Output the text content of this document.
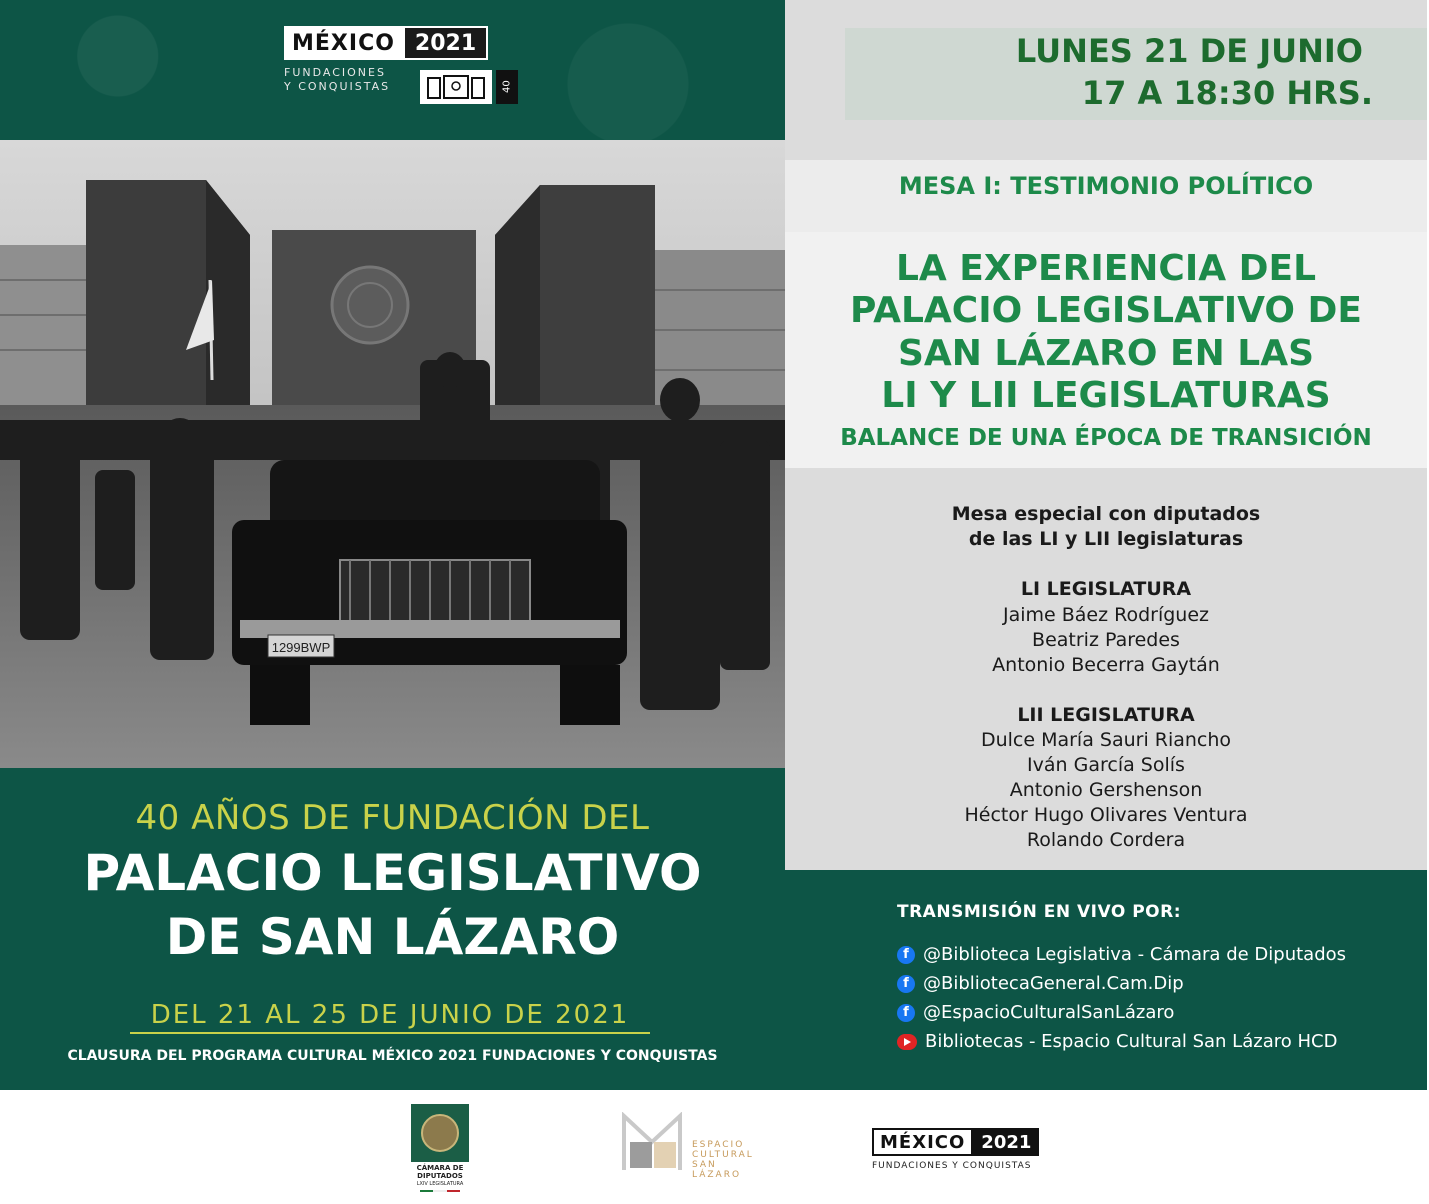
MÉXICO 2021
FUNDACIONES
Y CONQUISTAS	40
1299BWP
40 AÑOS DE FUNDACIÓN DEL
PALACIO LEGISLATIVO
DE SAN LÁZARO
DEL 21 AL 25 DE JUNIO DE 2021
CLAUSURA DEL PROGRAMA CULTURAL MÉXICO 2021 FUNDACIONES Y CONQUISTAS
LUNES 21 DE JUNIO
17 A 18:30 HRS.
MESA I: TESTIMONIO POLÍTICO
LA EXPERIENCIA DEL
PALACIO LEGISLATIVO DE
SAN LÁZARO EN LAS
LI Y LII LEGISLATURAS
BALANCE DE UNA ÉPOCA DE TRANSICIÓN
Mesa especial con diputados
de las LI y LII legislaturas
LI LEGISLATURA
Jaime Báez Rodríguez
Beatriz Paredes
Antonio Becerra Gaytán
LII LEGISLATURA
Dulce María Sauri Riancho
Iván García Solís
Antonio Gershenson
Héctor Hugo Olivares Ventura
Rolando Cordera
TRANSMISIÓN EN VIVO POR:
f @Biblioteca Legislativa - Cámara de Diputados
f @BibliotecaGeneral.Cam.Dip
f @EspacioCulturalSanLázaro
Bibliotecas - Espacio Cultural San Lázaro HCD
CÁMARA DE
DIPUTADOS
LXIV LEGISLATURA
ESPACIO
CULTURAL
SAN LÁZARO
MÉXICO 2021
FUNDACIONES Y CONQUISTAS
